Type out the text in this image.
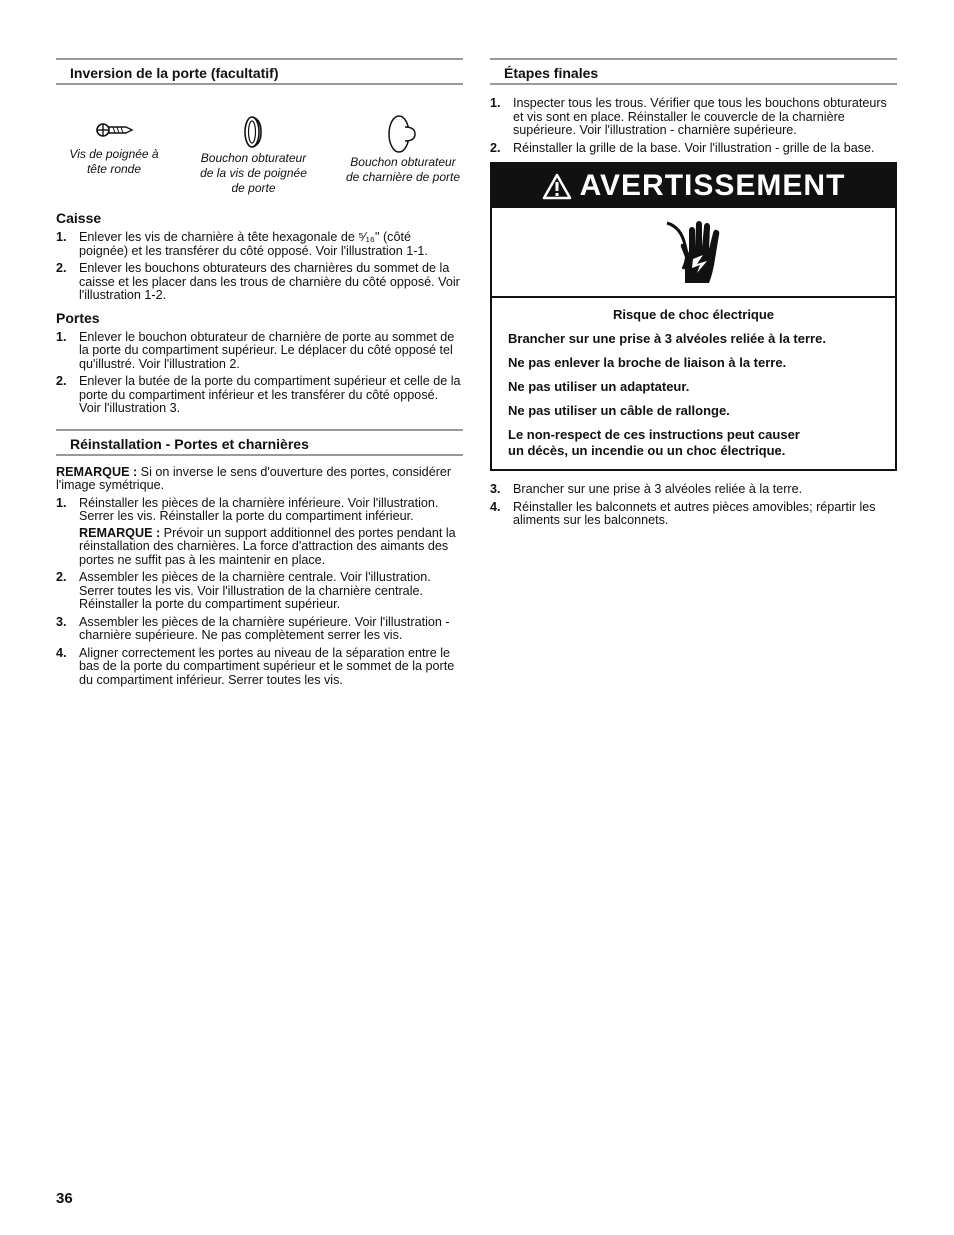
Inversion de la porte (facultatif)
Vis de poignée à tête ronde
Bouchon obturateur de la vis de poignée de porte
Bouchon obturateur de charnière de porte
Caisse
1. Enlever les vis de charnière à tête hexagonale de ⁵⁄₁₆" (côté poignée) et les transférer du côté opposé. Voir l'illustration 1-1.
2. Enlever les bouchons obturateurs des charnières du sommet de la caisse et les placer dans les trous de charnière du côté opposé. Voir l'illustration 1-2.
Portes
1. Enlever le bouchon obturateur de charnière de porte au sommet de la porte du compartiment supérieur. Le déplacer du côté opposé tel qu'illustré. Voir l'illustration 2.
2. Enlever la butée de la porte du compartiment supérieur et celle de la porte du compartiment inférieur et les transférer du côté opposé. Voir l'illustration 3.
Réinstallation - Portes et charnières

REMARQUE : Si on inverse le sens d'ouverture des portes, considérer l'image symétrique.

1. Réinstaller les pièces de la charnière inférieure. Voir l'illustration. Serrer les vis. Réinstaller la porte du compartiment inférieur.
REMARQUE : Prévoir un support additionnel des portes pendant la réinstallation des charnières. La force d'attraction des aimants des portes ne suffit pas à les maintenir en place.
2. Assembler les pièces de la charnière centrale. Voir l'illustration. Serrer toutes les vis. Voir l'illustration de la charnière centrale. Réinstaller la porte du compartiment supérieur.
3. Assembler les pièces de la charnière supérieure. Voir l'illustration - charnière supérieure. Ne pas complètement serrer les vis.
4. Aligner correctement les portes au niveau de la séparation entre le bas de la porte du compartiment supérieur et le sommet de la porte du compartiment inférieur. Serrer toutes les vis.
Étapes finales
1. Inspecter tous les trous. Vérifier que tous les bouchons obturateurs et vis sont en place. Réinstaller le couvercle de la charnière supérieure. Voir l'illustration - charnière supérieure.
2. Réinstaller la grille de la base. Voir l'illustration - grille de la base.
AVERTISSEMENT

Risque de choc électrique

Brancher sur une prise à 3 alvéoles reliée à la terre.

Ne pas enlever la broche de liaison à la terre.

Ne pas utiliser un adaptateur.

Ne pas utiliser un câble de rallonge.

Le non-respect de ces instructions peut causer
un décès, un incendie ou un choc électrique.

3. Brancher sur une prise à 3 alvéoles reliée à la terre.
4. Réinstaller les balconnets et autres pièces amovibles; répartir les aliments sur les balconnets.
36
